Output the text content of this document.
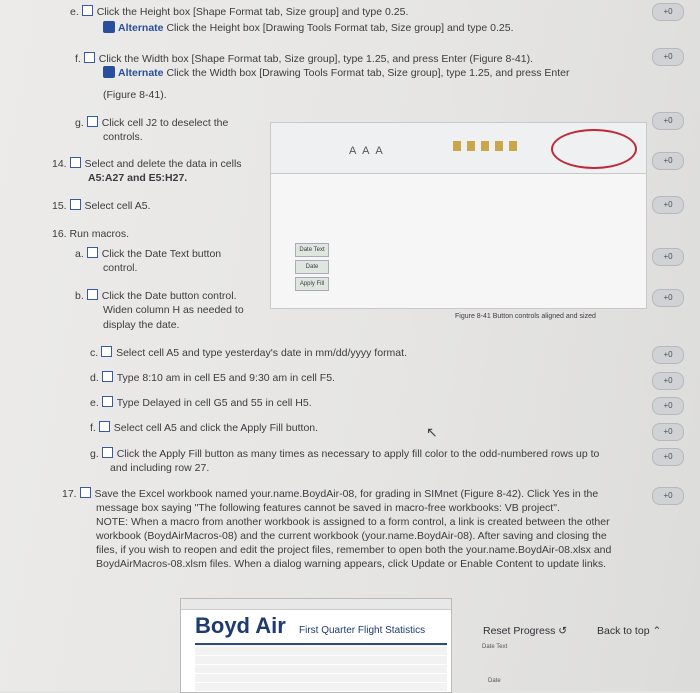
e. Click the Height box [Shape Format tab, Size group] and type 0.25.
Alternate Click the Height box [Drawing Tools Format tab, Size group] and type 0.25.
+0
f. Click the Width box [Shape Format tab, Size group], type 1.25, and press Enter (Figure 8-41).
Alternate Click the Width box [Drawing Tools Format tab, Size group], type 1.25, and press Enter
(Figure 8-41).
+0
g. Click cell J2 to deselect the
controls.
+0
14. Select and delete the data in cells
A5:A27 and E5:H27.
+0
15. Select cell A5.	+0
16. Run macros.
a. Click the Date Text button
control.
+0
b. Click the Date button control.
Widen column H as needed to
display the date.
+0
A A A
Date Text
Date
Apply Fill
Figure 8-41 Button controls aligned and sized
c. Select cell A5 and type yesterday's date in mm/dd/yyyy format.	+0
d. Type 8:10 am in cell E5 and 9:30 am in cell F5.	+0
e. Type Delayed in cell G5 and 55 in cell H5.	+0
f. Select cell A5 and click the Apply Fill button.	↖	+0
g. Click the Apply Fill button as many times as necessary to apply fill color to the odd-numbered rows up to
and including row 27.
+0
17. Save the Excel workbook named your.name.BoydAir-08, for grading in SIMnet (Figure 8-42). Click Yes in the
message box saying "The following features cannot be saved in macro-free workbooks: VB project".
NOTE: When a macro from another workbook is assigned to a form control, a link is created between the other
workbook (BoydAirMacros-08) and the current workbook (your.name.BoydAir-08). After saving and closing the
files, if you wish to reopen and edit the project files, remember to open both the your.name.BoydAir-08.xlsx and
BoydAirMacros-08.xlsm files. When a dialog warning appears, click Update or Enable Content to update links.
+0
Boyd Air First Quarter Flight Statistics	Reset Progress ↺	Back to top ⌃
Date Text
Date
